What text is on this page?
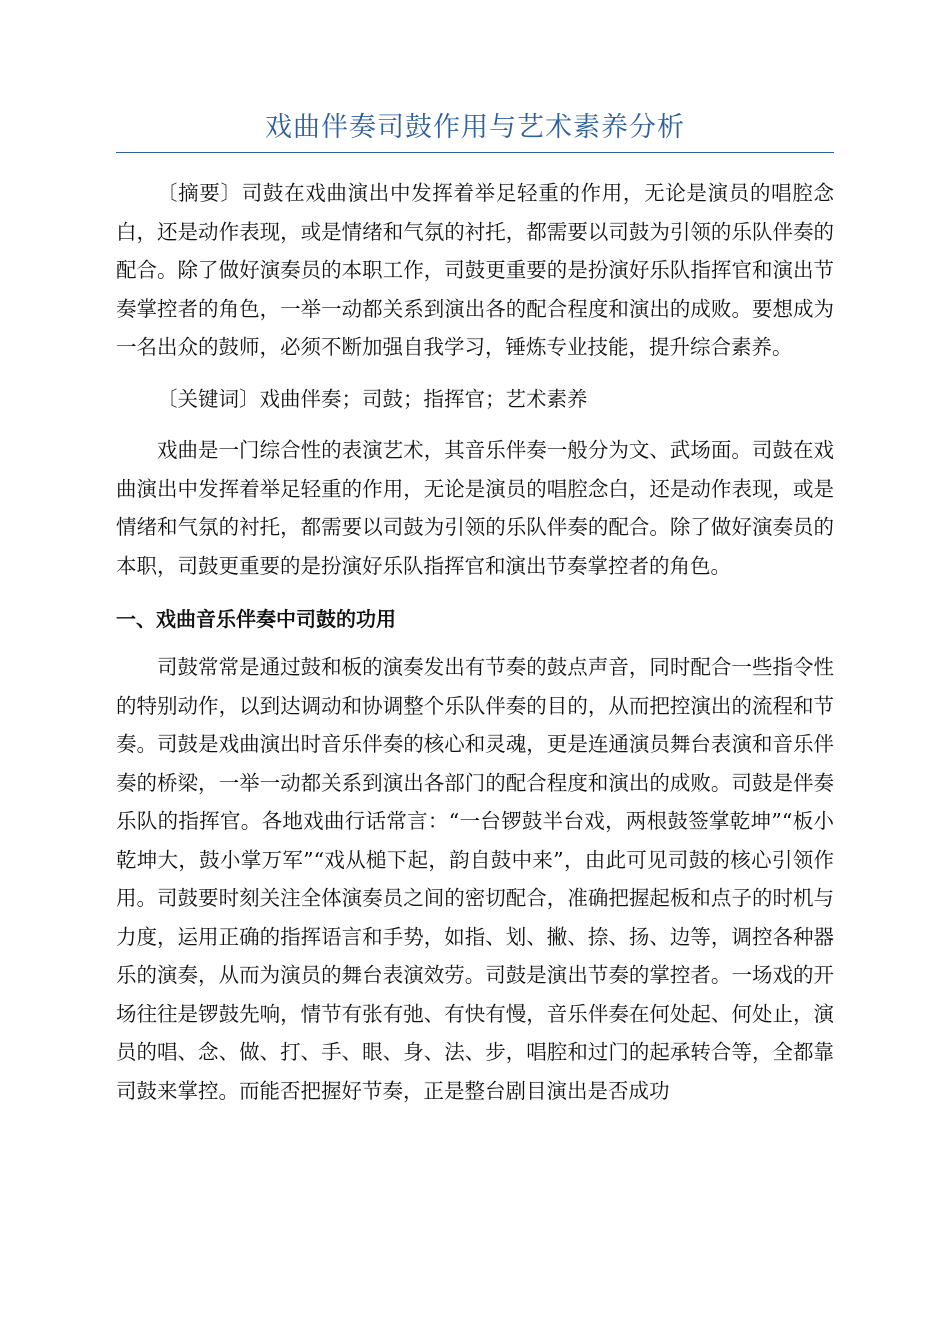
戏曲伴奏司鼓作用与艺术素养分析

〔摘要〕司鼓在戏曲演出中发挥着举足轻重的作用，无论是演员的唱腔念白，还是动作表现，或是情绪和气氛的衬托，都需要以司鼓为引领的乐队伴奏的配合。除了做好演奏员的本职工作，司鼓更重要的是扮演好乐队指挥官和演出节奏掌控者的角色，一举一动都关系到演出各的配合程度和演出的成败。要想成为一名出众的鼓师，必须不断加强自我学习，锤炼专业技能，提升综合素养。

〔关键词〕戏曲伴奏；司鼓；指挥官；艺术素养

戏曲是一门综合性的表演艺术，其音乐伴奏一般分为文、武场面。司鼓在戏曲演出中发挥着举足轻重的作用，无论是演员的唱腔念白，还是动作表现，或是情绪和气氛的衬托，都需要以司鼓为引领的乐队伴奏的配合。除了做好演奏员的本职，司鼓更重要的是扮演好乐队指挥官和演出节奏掌控者的角色。

一、戏曲音乐伴奏中司鼓的功用

司鼓常常是通过鼓和板的演奏发出有节奏的鼓点声音，同时配合一些指令性的特别动作，以到达调动和协调整个乐队伴奏的目的，从而把控演出的流程和节奏。司鼓是戏曲演出时音乐伴奏的核心和灵魂，更是连通演员舞台表演和音乐伴奏的桥梁，一举一动都关系到演出各部门的配合程度和演出的成败。司鼓是伴奏乐队的指挥官。各地戏曲行话常言：“一台锣鼓半台戏，两根鼓签掌乾坤”“板小乾坤大，鼓小掌万军”“戏从槌下起，韵自鼓中来”，由此可见司鼓的核心引领作用。司鼓要时刻关注全体演奏员之间的密切配合，准确把握起板和点子的时机与力度，运用正确的指挥语言和手势，如指、划、撇、捺、扬、边等，调控各种器乐的演奏，从而为演员的舞台表演效劳。司鼓是演出节奏的掌控者。一场戏的开场往往是锣鼓先响，情节有张有弛、有快有慢，音乐伴奏在何处起、何处止，演员的唱、念、做、打、手、眼、身、法、步，唱腔和过门的起承转合等，全都靠司鼓来掌控。而能否把握好节奏，正是整台剧目演出是否成功
